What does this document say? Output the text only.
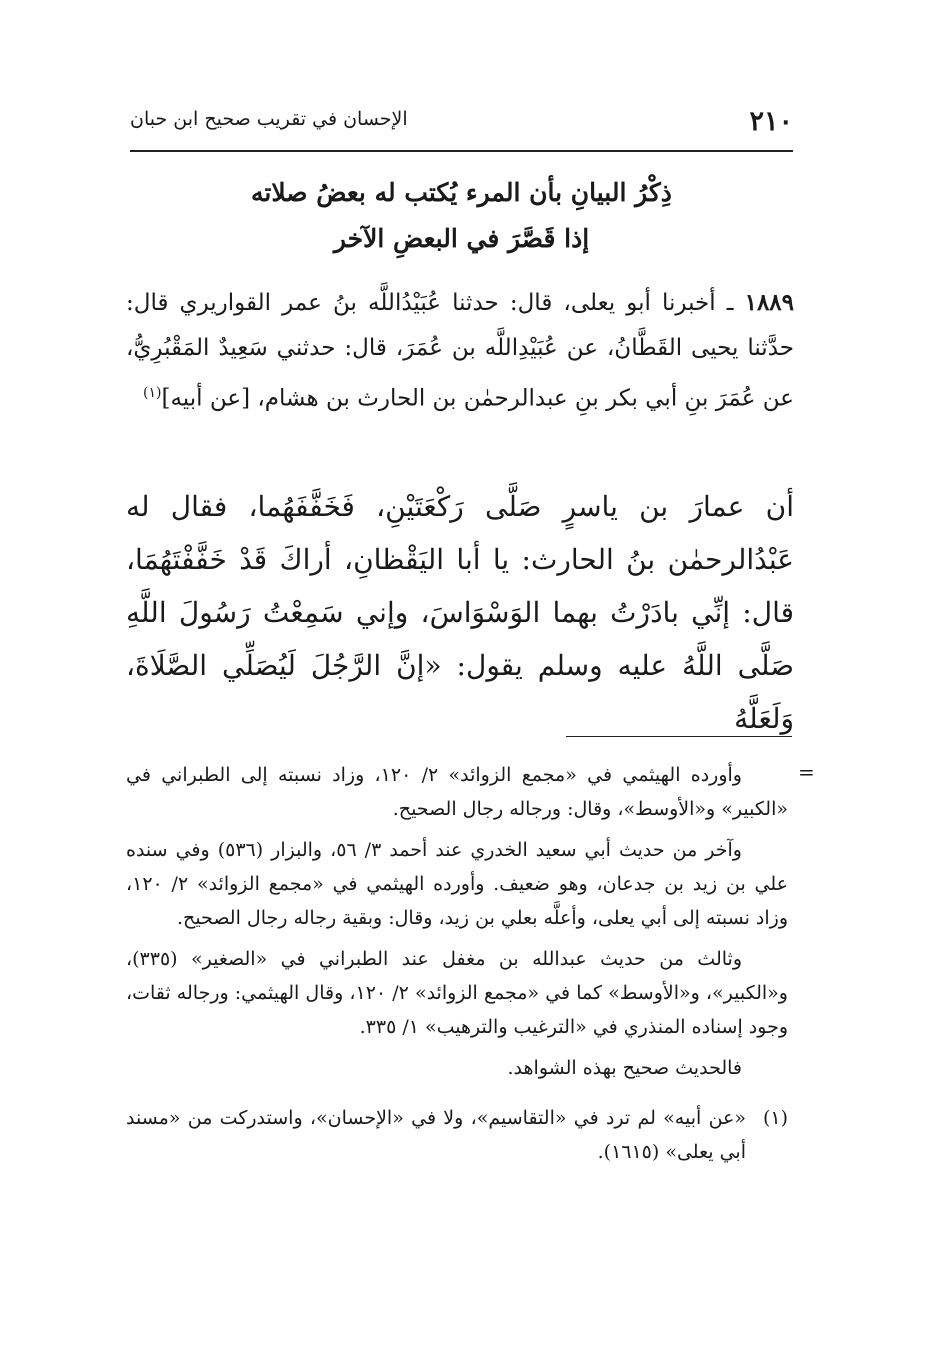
٢١٠
الإحسان في تقريب صحيح ابن حبان
ذِكْرُ البيانِ بأن المرء يُكتب له بعضُ صلاته
إذا قَصَّرَ في البعضِ الآخر
١٨٨٩ ـ أخبرنا أبو يعلى، قال: حدثنا عُبَيْدُاللَّه بنُ عمر القواريري قال: حدَّثنا يحيى القَطَّانُ، عن عُبَيْدِاللَّه بن عُمَرَ، قال: حدثني سَعِيدٌ المَقْبُرِيُّ، عن عُمَرَ بنِ أبي بكر بنِ عبدالرحمٰن بن الحارث بن هشام، [عن أبيه]$^{(١)}$
أن عمارَ بن ياسرٍ صَلَّى رَكْعَتَيْنِ، فَخَفَّفَهُما، فقال له عَبْدُالرحمٰن بنُ الحارث: يا أبا اليَقْظانِ، أراكَ قَدْ خَفَّفْتَهُمَا، قال: إنِّي بادَرْتُ بهما الوَسْوَاسَ، وإني سَمِعْتُ رَسُولَ اللَّهِ صَلَّى اللَّهُ عليه وسلم يقول: «إنَّ الرَّجُلَ لَيُصَلِّي الصَّلَاةَ، وَلَعَلَّهُ
=

وأورده الهيثمي في «مجمع الزوائد» ٢/ ١٢٠، وزاد نسبته إلى الطبراني في «الكبير» و«الأوسط»، وقال: ورجاله رجال الصحيح.

وآخر من حديث أبي سعيد الخدري عند أحمد ٣/ ٥٦، والبزار (٥٣٦) وفي سنده علي بن زيد بن جدعان، وهو ضعيف. وأورده الهيثمي في «مجمع الزوائد» ٢/ ١٢٠، وزاد نسبته إلى أبي يعلى، وأعلَّه بعلي بن زيد، وقال: وبقية رجاله رجال الصحيح.

وثالث من حديث عبدالله بن مغفل عند الطبراني في «الصغير» (٣٣٥)، و«الكبير»، و«الأوسط» كما في «مجمع الزوائد» ٢/ ١٢٠، وقال الهيثمي: ورجاله ثقات، وجود إسناده المنذري في «الترغيب والترهيب» ١/ ٣٣٥.

فالحديث صحيح بهذه الشواهد.

(١)
«عن أبيه» لم ترد في «التقاسيم»، ولا في «الإحسان»، واستدركت من «مسند أبي يعلى» (١٦١٥).
